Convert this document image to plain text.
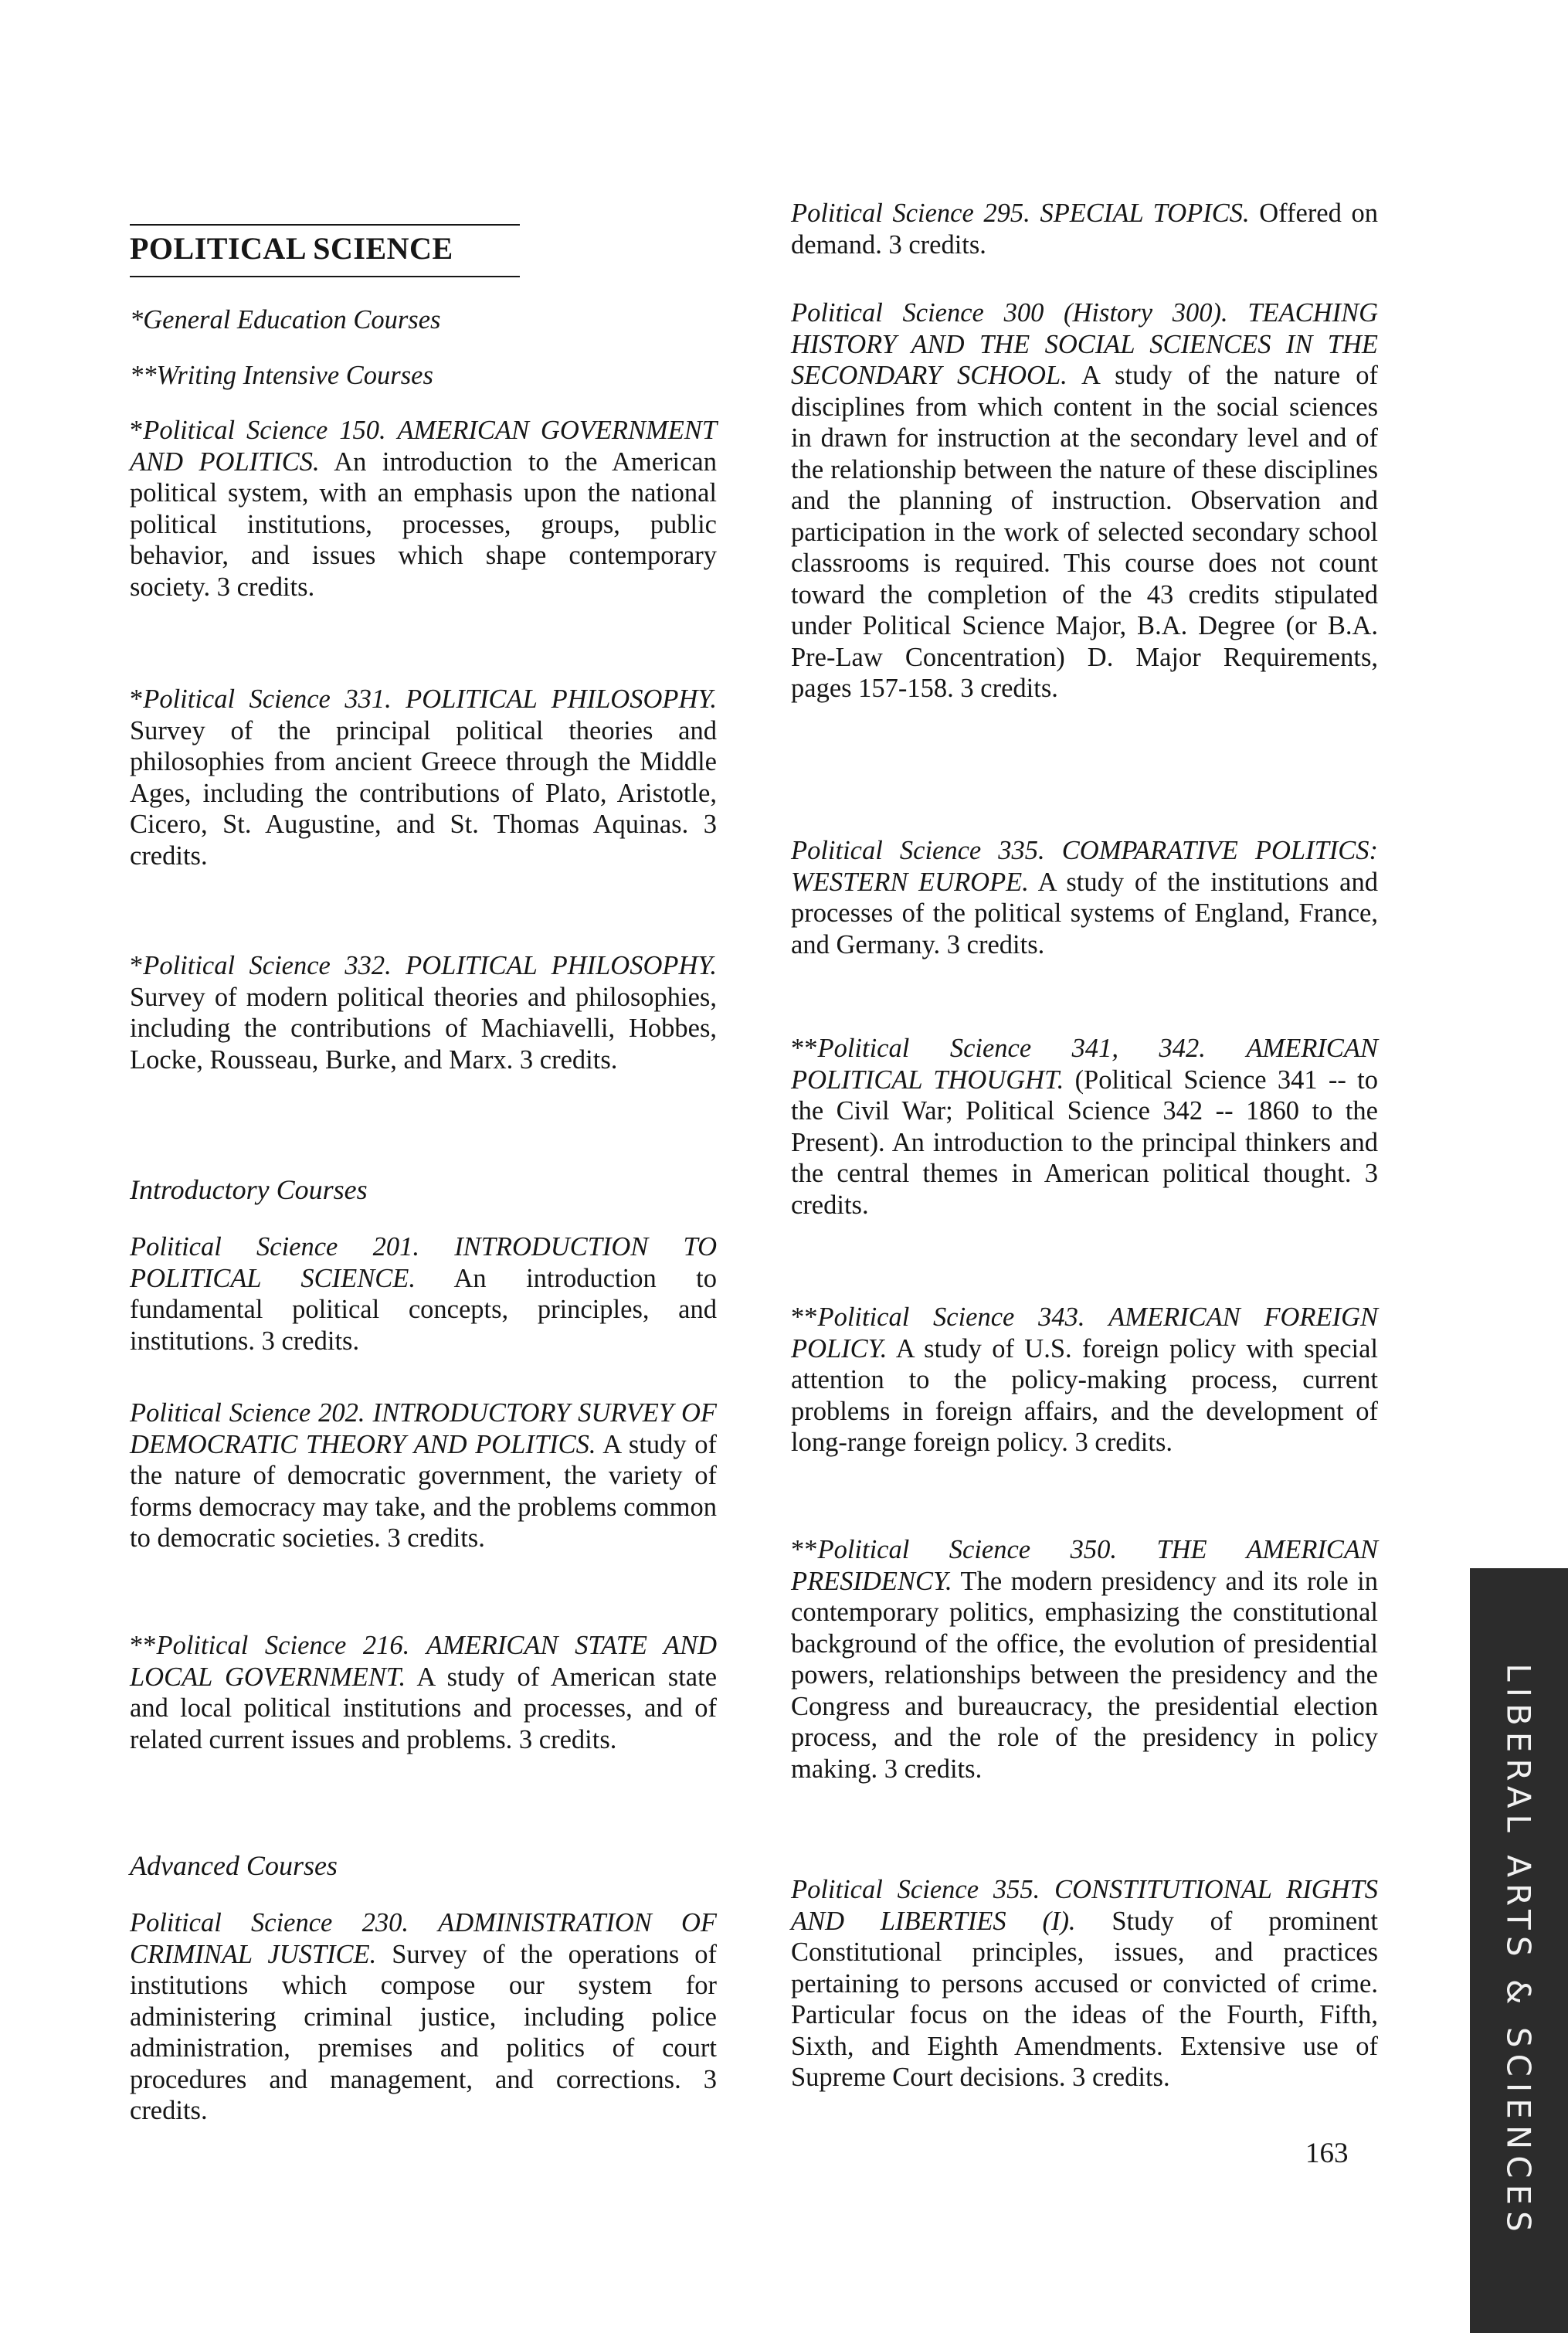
POLITICAL SCIENCE
*General Education Courses
**Writing Intensive Courses

*Political Science 150. AMERICAN GOVERNMENT AND POLITICS. An introduction to the American political system, with an emphasis upon the national political institutions, processes, groups, public behavior, and issues which shape contemporary society. 3 credits.

*Political Science 331. POLITICAL PHILOSOPHY. Survey of the principal political theories and philosophies from ancient Greece through the Middle Ages, including the contributions of Plato, Aristotle, Cicero, St. Augustine, and St. Thomas Aquinas. 3 credits.

*Political Science 332. POLITICAL PHILOSOPHY. Survey of modern political theories and philosophies, including the contributions of Machiavelli, Hobbes, Locke, Rousseau, Burke, and Marx. 3 credits.

Introductory Courses

Political Science 201. INTRODUCTION TO POLITICAL SCIENCE. An introduction to fundamental political concepts, principles, and institutions. 3 credits.

Political Science 202. INTRODUCTORY SURVEY OF DEMOCRATIC THEORY AND POLITICS. A study of the nature of democratic government, the variety of forms democracy may take, and the problems common to democratic societies. 3 credits.

**Political Science 216. AMERICAN STATE AND LOCAL GOVERNMENT. A study of American state and local political institutions and processes, and of related current issues and problems. 3 credits.

Advanced Courses

Political Science 230. ADMINISTRATION OF CRIMINAL JUSTICE. Survey of the operations of institutions which compose our system for administering criminal justice, including police administration, premises and politics of court procedures and management, and corrections. 3 credits.

Political Science 295. SPECIAL TOPICS. Offered on demand. 3 credits.

Political Science 300 (History 300). TEACHING HISTORY AND THE SOCIAL SCIENCES IN THE SECONDARY SCHOOL. A study of the nature of disciplines from which content in the social sciences in drawn for instruction at the secondary level and of the relationship between the nature of these disciplines and the planning of instruction. Observation and participation in the work of selected secondary school classrooms is required. This course does not count toward the completion of the 43 credits stipulated under Political Science Major, B.A. Degree (or B.A. Pre-Law Concentration) D. Major Requirements, pages 157-158. 3 credits.

Political Science 335. COMPARATIVE POLITICS: WESTERN EUROPE. A study of the institutions and processes of the political systems of England, France, and Germany. 3 credits.

**Political Science 341, 342. AMERICAN POLITICAL THOUGHT. (Political Science 341 -- to the Civil War; Political Science 342 -- 1860 to the Present). An introduction to the principal thinkers and the central themes in American political thought. 3 credits.

**Political Science 343. AMERICAN FOREIGN POLICY. A study of U.S. foreign policy with special attention to the policy-making process, current problems in foreign affairs, and the development of long-range foreign policy. 3 credits.

**Political Science 350. THE AMERICAN PRESIDENCY. The modern presidency and its role in contemporary politics, emphasizing the constitutional background of the office, the evolution of presidential powers, relationships between the presidency and the Congress and bureaucracy, the presidential election process, and the role of the presidency in policy making. 3 credits.

Political Science 355. CONSTITUTIONAL RIGHTS AND LIBERTIES (I). Study of prominent Constitutional principles, issues, and practices pertaining to persons accused or convicted of crime. Particular focus on the ideas of the Fourth, Fifth, Sixth, and Eighth Amendments. Extensive use of Supreme Court decisions. 3 credits.

163	LIBERAL ARTS & SCIENCES
